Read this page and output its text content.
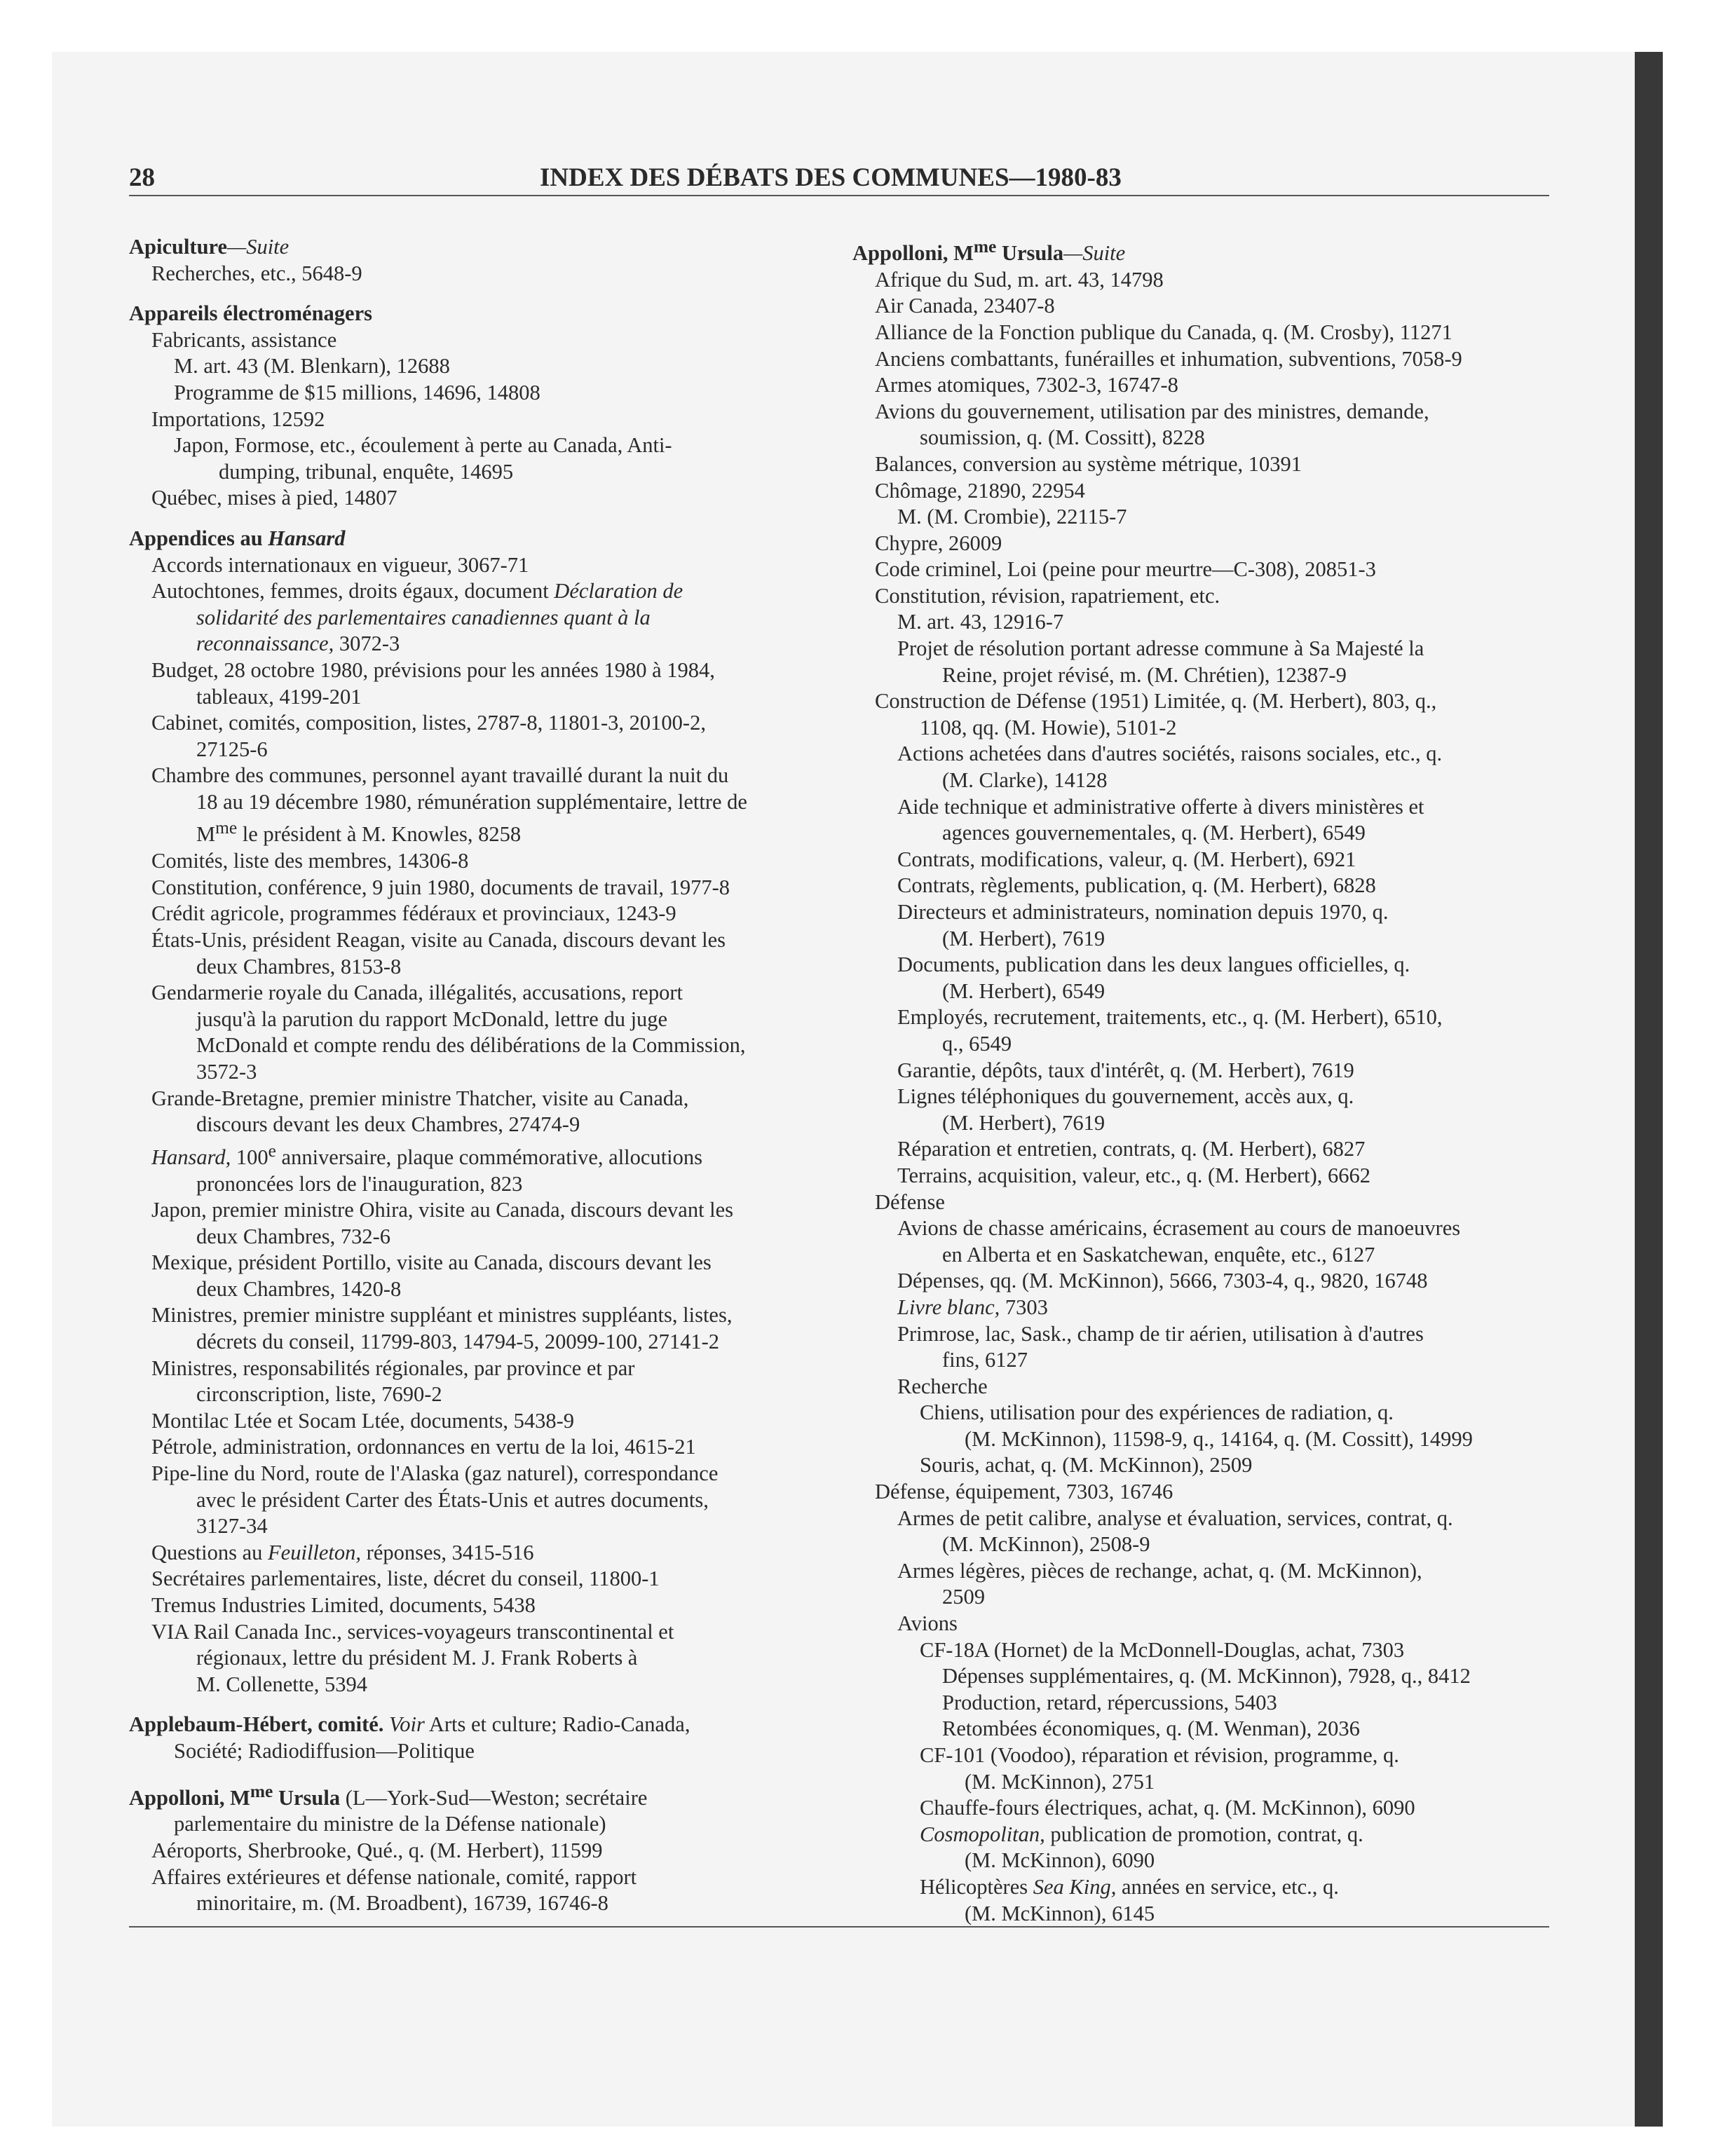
28	INDEX DES DÉBATS DES COMMUNES—1980-83
Apiculture—Suite
Recherches, etc., 5648-9
Appareils électroménagers
Fabricants, assistance
M. art. 43 (M. Blenkarn), 12688
Programme de $15 millions, 14696, 14808
Importations, 12592
Japon, Formose, etc., écoulement à perte au Canada, Anti-
dumping, tribunal, enquête, 14695
Québec, mises à pied, 14807
Appendices au Hansard
Accords internationaux en vigueur, 3067-71
Autochtones, femmes, droits égaux, document Déclaration de
solidarité des parlementaires canadiennes quant à la
reconnaissance, 3072-3
Budget, 28 octobre 1980, prévisions pour les années 1980 à 1984,
tableaux, 4199-201
Cabinet, comités, composition, listes, 2787-8, 11801-3, 20100-2,
27125-6
Chambre des communes, personnel ayant travaillé durant la nuit du
18 au 19 décembre 1980, rémunération supplémentaire, lettre de
$M^{me}$ le président à M. Knowles, 8258
Comités, liste des membres, 14306-8
Constitution, conférence, 9 juin 1980, documents de travail, 1977-8
Crédit agricole, programmes fédéraux et provinciaux, 1243-9
États-Unis, président Reagan, visite au Canada, discours devant les
deux Chambres, 8153-8
Gendarmerie royale du Canada, illégalités, accusations, report
jusqu'à la parution du rapport McDonald, lettre du juge
McDonald et compte rendu des délibérations de la Commission,
3572-3
Grande-Bretagne, premier ministre Thatcher, visite au Canada,
discours devant les deux Chambres, 27474-9
Hansard, 100e anniversaire, plaque commémorative, allocutions
prononcées lors de l'inauguration, 823
Japon, premier ministre Ohira, visite au Canada, discours devant les
deux Chambres, 732-6
Mexique, président Portillo, visite au Canada, discours devant les
deux Chambres, 1420-8
Ministres, premier ministre suppléant et ministres suppléants, listes,
décrets du conseil, 11799-803, 14794-5, 20099-100, 27141-2
Ministres, responsabilités régionales, par province et par
circonscription, liste, 7690-2
Montilac Ltée et Socam Ltée, documents, 5438-9
Pétrole, administration, ordonnances en vertu de la loi, 4615-21
Pipe-line du Nord, route de l'Alaska (gaz naturel), correspondance
avec le président Carter des États-Unis et autres documents,
3127-34
Questions au Feuilleton, réponses, 3415-516
Secrétaires parlementaires, liste, décret du conseil, 11800-1
Tremus Industries Limited, documents, 5438
VIA Rail Canada Inc., services-voyageurs transcontinental et
régionaux, lettre du président M. J. Frank Roberts à
M. Collenette, 5394
Applebaum-Hébert, comité. Voir Arts et culture; Radio-Canada,
Société; Radiodiffusion—Politique
Appolloni, $M^{me}$ Ursula (L—York-Sud—Weston; secrétaire
parlementaire du ministre de la Défense nationale)
Aéroports, Sherbrooke, Qué., q. (M. Herbert), 11599
Affaires extérieures et défense nationale, comité, rapport
minoritaire, m. (M. Broadbent), 16739, 16746-8
Appolloni, $M^{me}$ Ursula—Suite
Afrique du Sud, m. art. 43, 14798
Air Canada, 23407-8
Alliance de la Fonction publique du Canada, q. (M. Crosby), 11271
Anciens combattants, funérailles et inhumation, subventions, 7058-9
Armes atomiques, 7302-3, 16747-8
Avions du gouvernement, utilisation par des ministres, demande,
soumission, q. (M. Cossitt), 8228
Balances, conversion au système métrique, 10391
Chômage, 21890, 22954
M. (M. Crombie), 22115-7
Chypre, 26009
Code criminel, Loi (peine pour meurtre—C-308), 20851-3
Constitution, révision, rapatriement, etc.
M. art. 43, 12916-7
Projet de résolution portant adresse commune à Sa Majesté la
Reine, projet révisé, m. (M. Chrétien), 12387-9
Construction de Défense (1951) Limitée, q. (M. Herbert), 803, q.,
1108, qq. (M. Howie), 5101-2
Actions achetées dans d'autres sociétés, raisons sociales, etc., q.
(M. Clarke), 14128
Aide technique et administrative offerte à divers ministères et
agences gouvernementales, q. (M. Herbert), 6549
Contrats, modifications, valeur, q. (M. Herbert), 6921
Contrats, règlements, publication, q. (M. Herbert), 6828
Directeurs et administrateurs, nomination depuis 1970, q.
(M. Herbert), 7619
Documents, publication dans les deux langues officielles, q.
(M. Herbert), 6549
Employés, recrutement, traitements, etc., q. (M. Herbert), 6510,
q., 6549
Garantie, dépôts, taux d'intérêt, q. (M. Herbert), 7619
Lignes téléphoniques du gouvernement, accès aux, q.
(M. Herbert), 7619
Réparation et entretien, contrats, q. (M. Herbert), 6827
Terrains, acquisition, valeur, etc., q. (M. Herbert), 6662
Défense
Avions de chasse américains, écrasement au cours de manoeuvres
en Alberta et en Saskatchewan, enquête, etc., 6127
Dépenses, qq. (M. McKinnon), 5666, 7303-4, q., 9820, 16748
Livre blanc, 7303
Primrose, lac, Sask., champ de tir aérien, utilisation à d'autres
fins, 6127
Recherche
Chiens, utilisation pour des expériences de radiation, q.
(M. McKinnon), 11598-9, q., 14164, q. (M. Cossitt), 14999
Souris, achat, q. (M. McKinnon), 2509
Défense, équipement, 7303, 16746
Armes de petit calibre, analyse et évaluation, services, contrat, q.
(M. McKinnon), 2508-9
Armes légères, pièces de rechange, achat, q. (M. McKinnon),
2509
Avions
CF-18A (Hornet) de la McDonnell-Douglas, achat, 7303
Dépenses supplémentaires, q. (M. McKinnon), 7928, q., 8412
Production, retard, répercussions, 5403
Retombées économiques, q. (M. Wenman), 2036
CF-101 (Voodoo), réparation et révision, programme, q.
(M. McKinnon), 2751
Chauffe-fours électriques, achat, q. (M. McKinnon), 6090
Cosmopolitan, publication de promotion, contrat, q.
(M. McKinnon), 6090
Hélicoptères Sea King, années en service, etc., q.
(M. McKinnon), 6145
